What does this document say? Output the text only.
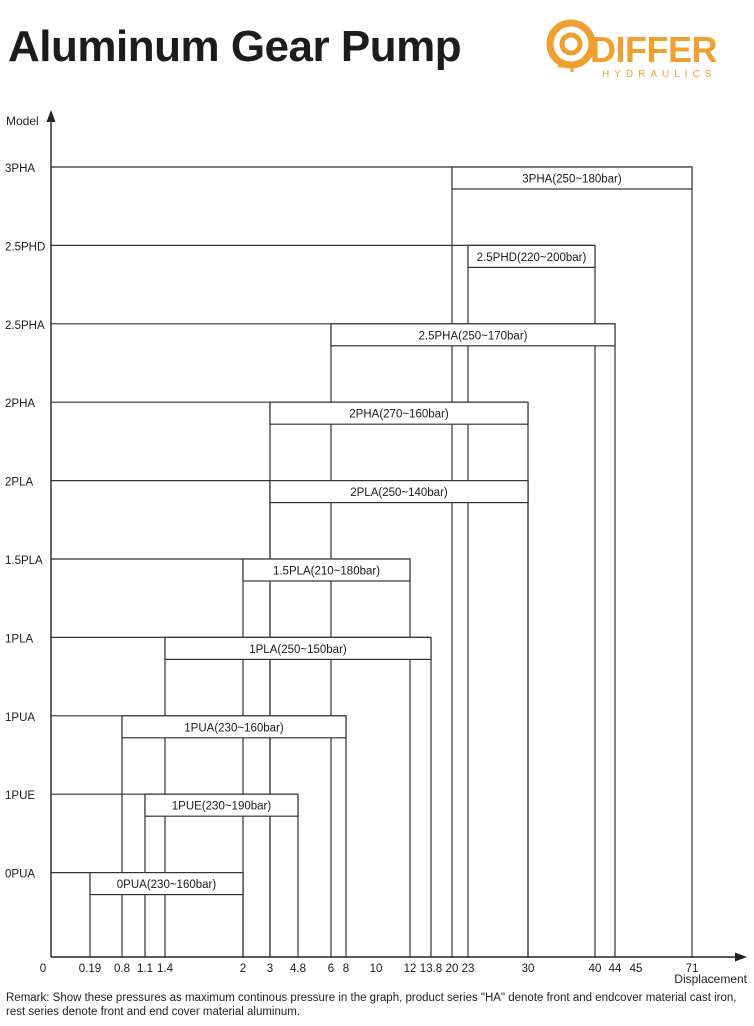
Aluminum Gear Pump	DIFFER
HYDRAULICS
3PHA(250~180bar)
2.5PHD(220~200bar)
2.5PHA(250~170bar)
2PHA(270~160bar)
2PLA(250~140bar)
1.5PLA(210~180bar)
1PLA(250~150bar)
1PUA(230~160bar)
1PUE(230~190bar)
0PUA(230~160bar)
Model
Displacement
3PHA
2.5PHD
2.5PHA
2PHA
2PLA
1.5PLA
1PLA
1PUA
1PUE
0PUA
0	0.19 0.8 1.1 1.4	2 3 4.8 6 8 10 12 13.8 20 23	30	40 44 45	71

Remark: Show these pressures as maximum continous pressure in the graph, product series "HA" denote front and endcover material cast iron, rest series denote front and end cover material aluminum.
